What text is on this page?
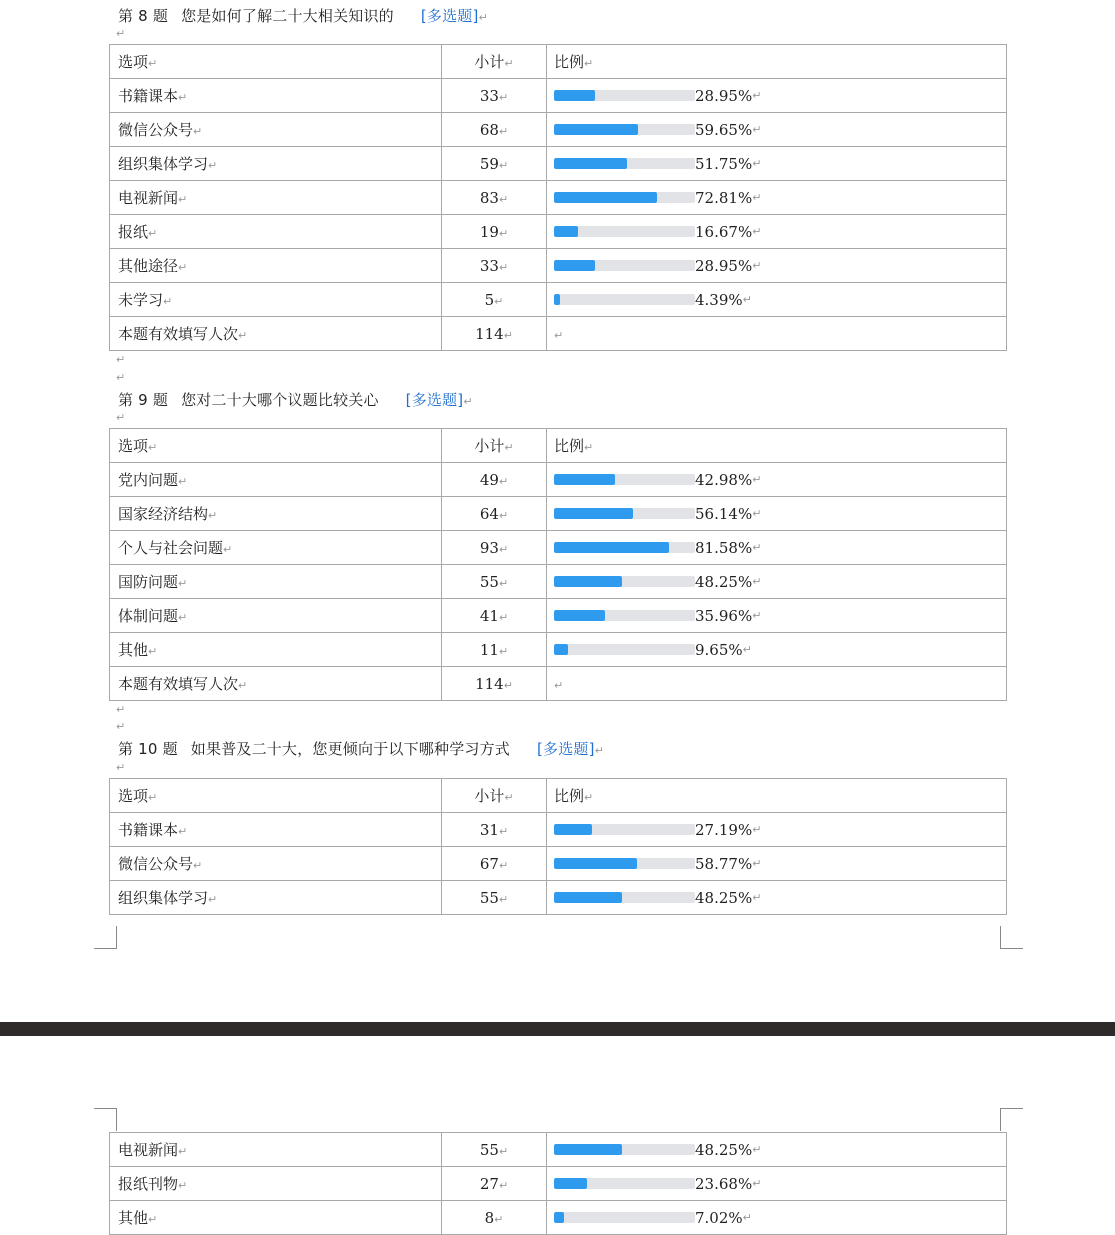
第 8 题 您是如何了解二十大相关知识的 [多选题]↵
↵
选项↵	小计↵	比例↵
书籍课本↵	33↵	28.95% ↵

微信公众号↵	68↵	59.65% ↵

组织集体学习↵	59↵	51.75% ↵

电视新闻↵	83↵	72.81% ↵

报纸↵	19↵	16.67% ↵

其他途径↵	33↵	28.95% ↵

未学习↵	5↵	4.39% ↵

本题有效填写人次↵	114↵	↵
↵
↵
第 9 题 您对二十大哪个议题比较关心 [多选题]↵
↵
选项↵	小计↵	比例↵
党内问题↵	49↵	42.98% ↵

国家经济结构↵	64↵	56.14% ↵

个人与社会问题↵	93↵	81.58% ↵

国防问题↵	55↵	48.25% ↵

体制问题↵	41↵	35.96% ↵

其他↵	11↵	9.65% ↵

本题有效填写人次↵	114↵	↵
↵
↵
第 10 题 如果普及二十大，您更倾向于以下哪种学习方式 [多选题]↵
↵
选项↵	小计↵	比例↵
书籍课本↵	31↵	27.19% ↵

微信公众号↵	67↵	58.77% ↵

组织集体学习↵	55↵	48.25% ↵
电视新闻↵	55↵	48.25% ↵

报纸刊物↵	27↵	23.68% ↵

其他↵	8↵	7.02% ↵
